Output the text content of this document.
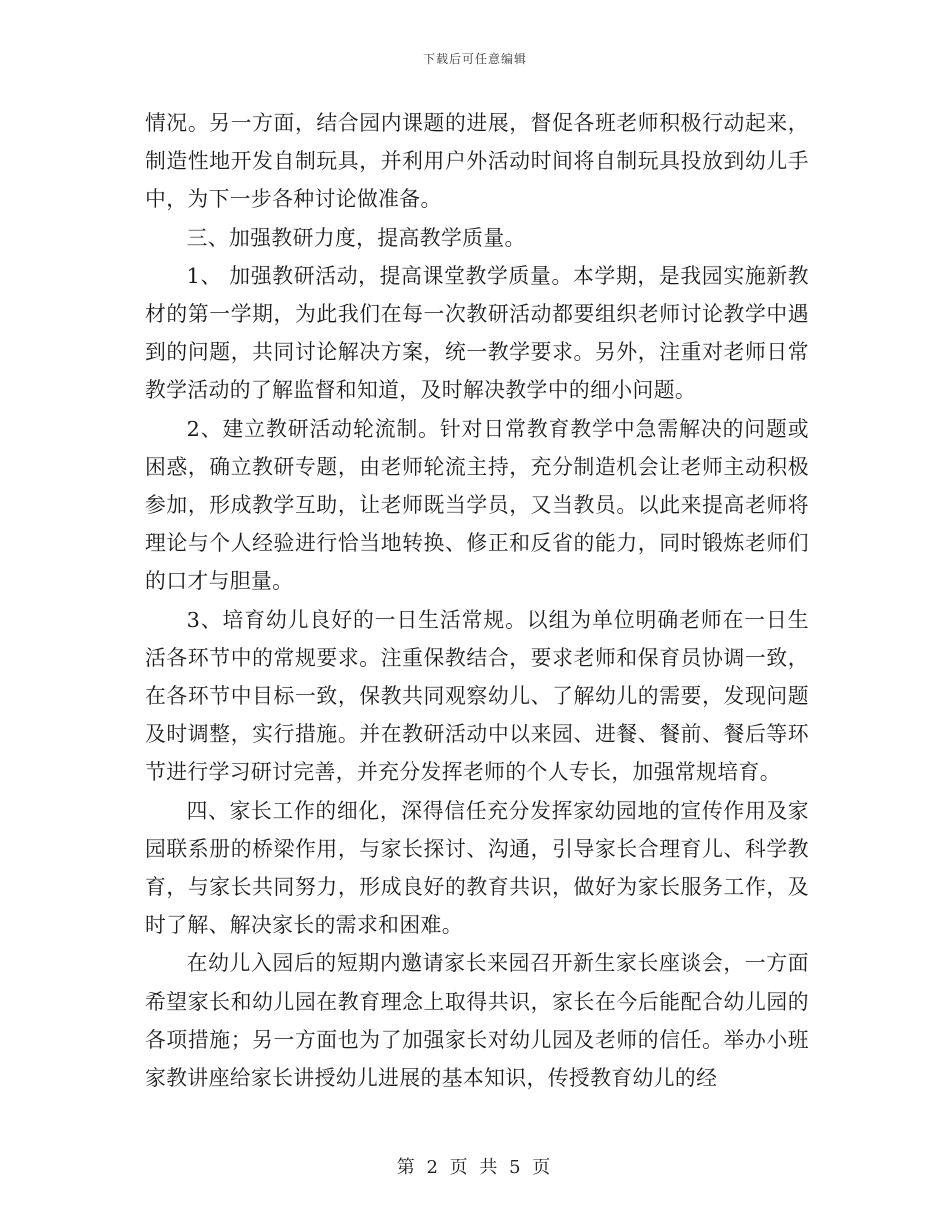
下载后可任意编辑

情况。另一方面，结合园内课题的进展，督促各班老师积极行动起来，制造性地开发自制玩具，并利用户外活动时间将自制玩具投放到幼儿手中，为下一步各种讨论做准备。

三、加强教研力度，提高教学质量。

1、 加强教研活动，提高课堂教学质量。本学期，是我园实施新教材的第一学期，为此我们在每一次教研活动都要组织老师讨论教学中遇到的问题，共同讨论解决方案，统一教学要求。另外，注重对老师日常教学活动的了解监督和知道，及时解决教学中的细小问题。

2、建立教研活动轮流制。针对日常教育教学中急需解决的问题或困惑，确立教研专题，由老师轮流主持，充分制造机会让老师主动积极参加，形成教学互助，让老师既当学员，又当教员。以此来提高老师将理论与个人经验进行恰当地转换、修正和反省的能力，同时锻炼老师们的口才与胆量。

3、培育幼儿良好的一日生活常规。以组为单位明确老师在一日生活各环节中的常规要求。注重保教结合，要求老师和保育员协调一致，在各环节中目标一致，保教共同观察幼儿、了解幼儿的需要，发现问题及时调整，实行措施。并在教研活动中以来园、进餐、餐前、餐后等环节进行学习研讨完善，并充分发挥老师的个人专长，加强常规培育。

四、家长工作的细化，深得信任充分发挥家幼园地的宣传作用及家园联系册的桥梁作用，与家长探讨、沟通，引导家长合理育儿、科学教育，与家长共同努力，形成良好的教育共识，做好为家长服务工作，及时了解、解决家长的需求和困难。

在幼儿入园后的短期内邀请家长来园召开新生家长座谈会，一方面希望家长和幼儿园在教育理念上取得共识，家长在今后能配合幼儿园的各项措施；另一方面也为了加强家长对幼儿园及老师的信任。举办小班家教讲座给家长讲授幼儿进展的基本知识，传授教育幼儿的经

第 2 页 共 5 页
